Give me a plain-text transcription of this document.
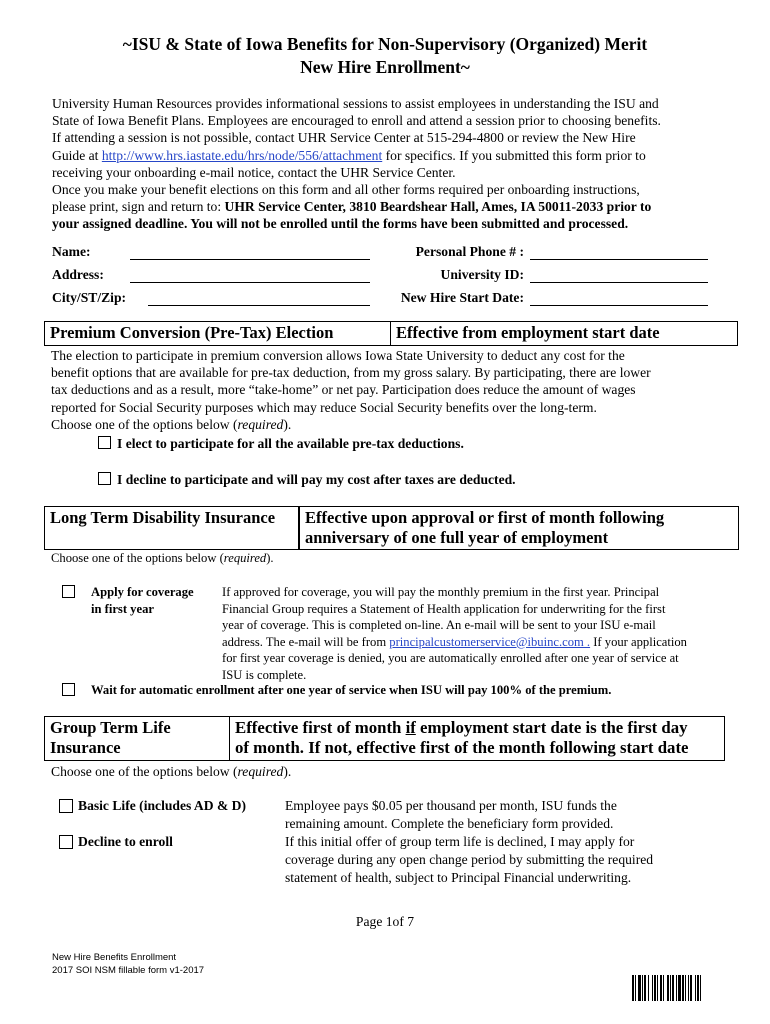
~ISU & State of Iowa Benefits for Non-Supervisory (Organized) Merit
New Hire Enrollment~
University Human Resources provides informational sessions to assist employees in understanding the ISU and
State of Iowa Benefit Plans. Employees are encouraged to enroll and attend a session prior to choosing benefits.
If attending a session is not possible, contact UHR Service Center at 515-294-4800 or review the New Hire
Guide at http://www.hrs.iastate.edu/hrs/node/556/attachment for specifics. If you submitted this form prior to
receiving your onboarding e-mail notice, contact the UHR Service Center.
Once you make your benefit elections on this form and all other forms required per onboarding instructions,
please print, sign and return to: UHR Service Center, 3810 Beardshear Hall, Ames, IA 50011-2033 prior to
your assigned deadline. You will not be enrolled until the forms have been submitted and processed.
Name:
Address:
City/ST/Zip:
Personal Phone # :
University ID:
New Hire Start Date:
Premium Conversion (Pre-Tax) Election	Effective from employment start date
The election to participate in premium conversion allows Iowa State University to deduct any cost for the
benefit options that are available for pre-tax deduction, from my gross salary. By participating, there are lower
tax deductions and as a result, more “take-home” or net pay. Participation does reduce the amount of wages
reported for Social Security purposes which may reduce Social Security benefits over the long-term.
Choose one of the options below (required).
I elect to participate for all the available pre-tax deductions.
I decline to participate and will pay my cost after taxes are deducted.
Long Term Disability Insurance	Effective upon approval or first of month following
anniversary of one full year of employment
Choose one of the options below (required).
Apply for coverage
in first year
If approved for coverage, you will pay the monthly premium in the first year. Principal
Financial Group requires a Statement of Health application for underwriting for the first
year of coverage. This is completed on-line. An e-mail will be sent to your ISU e-mail
address. The e-mail will be from principalcustomerservice@ibuinc.com . If your application
for first year coverage is denied, you are automatically enrolled after one year of service at
ISU is complete.
Wait for automatic enrollment after one year of service when ISU will pay 100% of the premium.
Group Term Life
Insurance
Effective first of month if employment start date is the first day
of month. If not, effective first of the month following start date
Choose one of the options below (required).
Basic Life (includes AD & D)
Decline to enroll
Employee pays $0.05 per thousand per month, ISU funds the
remaining amount. Complete the beneficiary form provided.
If this initial offer of group term life is declined, I may apply for
coverage during any open change period by submitting the required
statement of health, subject to Principal Financial underwriting.
Page 1of 7
New Hire Benefits Enrollment
2017 SOI NSM fillable form v1-2017
